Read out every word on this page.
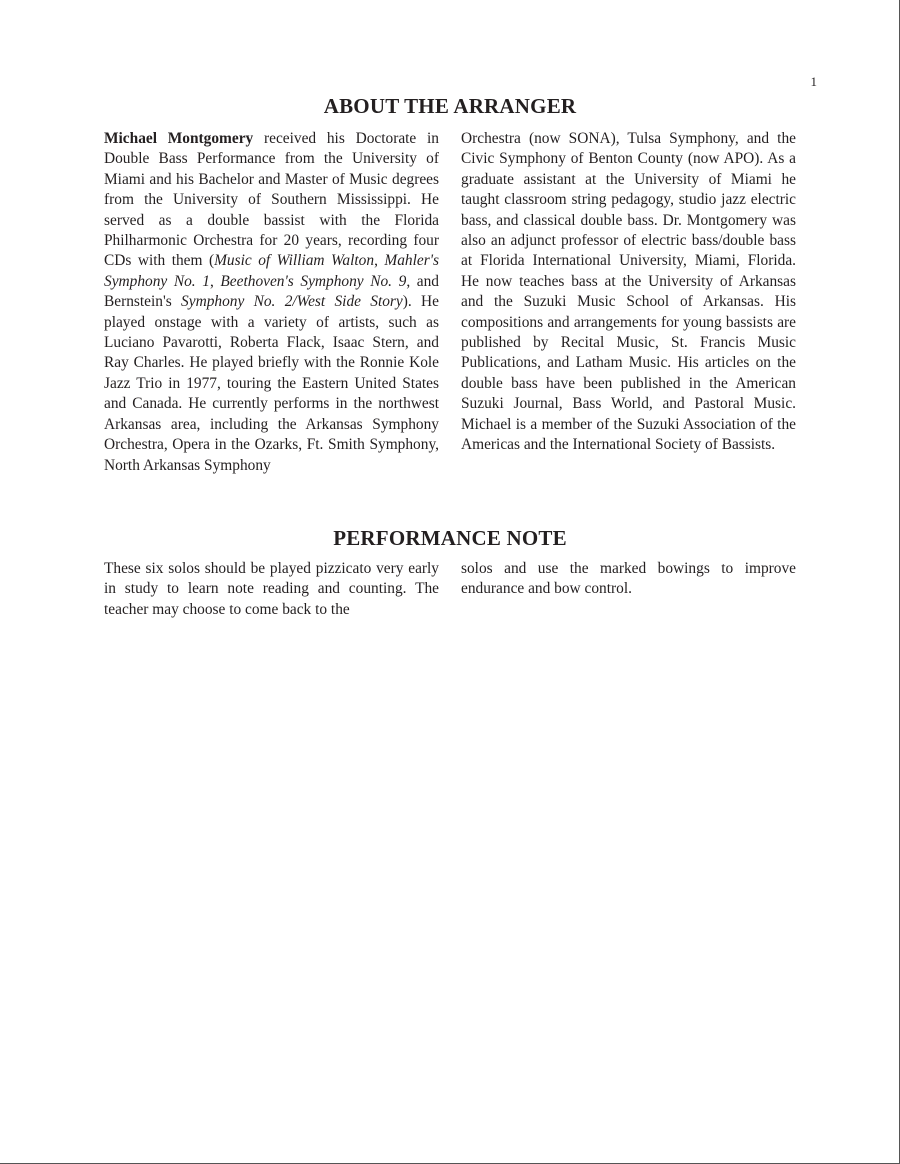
1
ABOUT THE ARRANGER

Michael Montgomery received his Doctorate in Double Bass Performance from the University of Miami and his Bachelor and Master of Music degrees from the University of Southern Mississippi. He served as a double bassist with the Florida Philharmonic Orchestra for 20 years, recording four CDs with them (Music of William Walton, Mahler's Symphony No. 1, Beethoven's Symphony No. 9, and Bernstein's Symphony No. 2/West Side Story). He played onstage with a variety of artists, such as Luciano Pavarotti, Roberta Flack, Isaac Stern, and Ray Charles. He played briefly with the Ronnie Kole Jazz Trio in 1977, touring the Eastern United States and Canada. He currently performs in the northwest Arkansas area, including the Arkansas Symphony Orchestra, Opera in the Ozarks, Ft. Smith Symphony, North Arkansas Symphony

Orchestra (now SONA), Tulsa Symphony, and the Civic Symphony of Benton County (now APO). As a graduate assistant at the University of Miami he taught classroom string pedagogy, studio jazz electric bass, and classical double bass. Dr. Montgomery was also an adjunct professor of electric bass/double bass at Florida International University, Miami, Florida. He now teaches bass at the University of Arkansas and the Suzuki Music School of Arkansas. His compositions and arrangements for young bassists are published by Recital Music, St. Francis Music Publications, and Latham Music. His articles on the double bass have been published in the American Suzuki Journal, Bass World, and Pastoral Music. Michael is a member of the Suzuki Association of the Americas and the International Society of Bassists.

PERFORMANCE NOTE

These six solos should be played pizzicato very early in study to learn note reading and counting. The teacher may choose to come back to the

solos and use the marked bowings to improve endurance and bow control.
